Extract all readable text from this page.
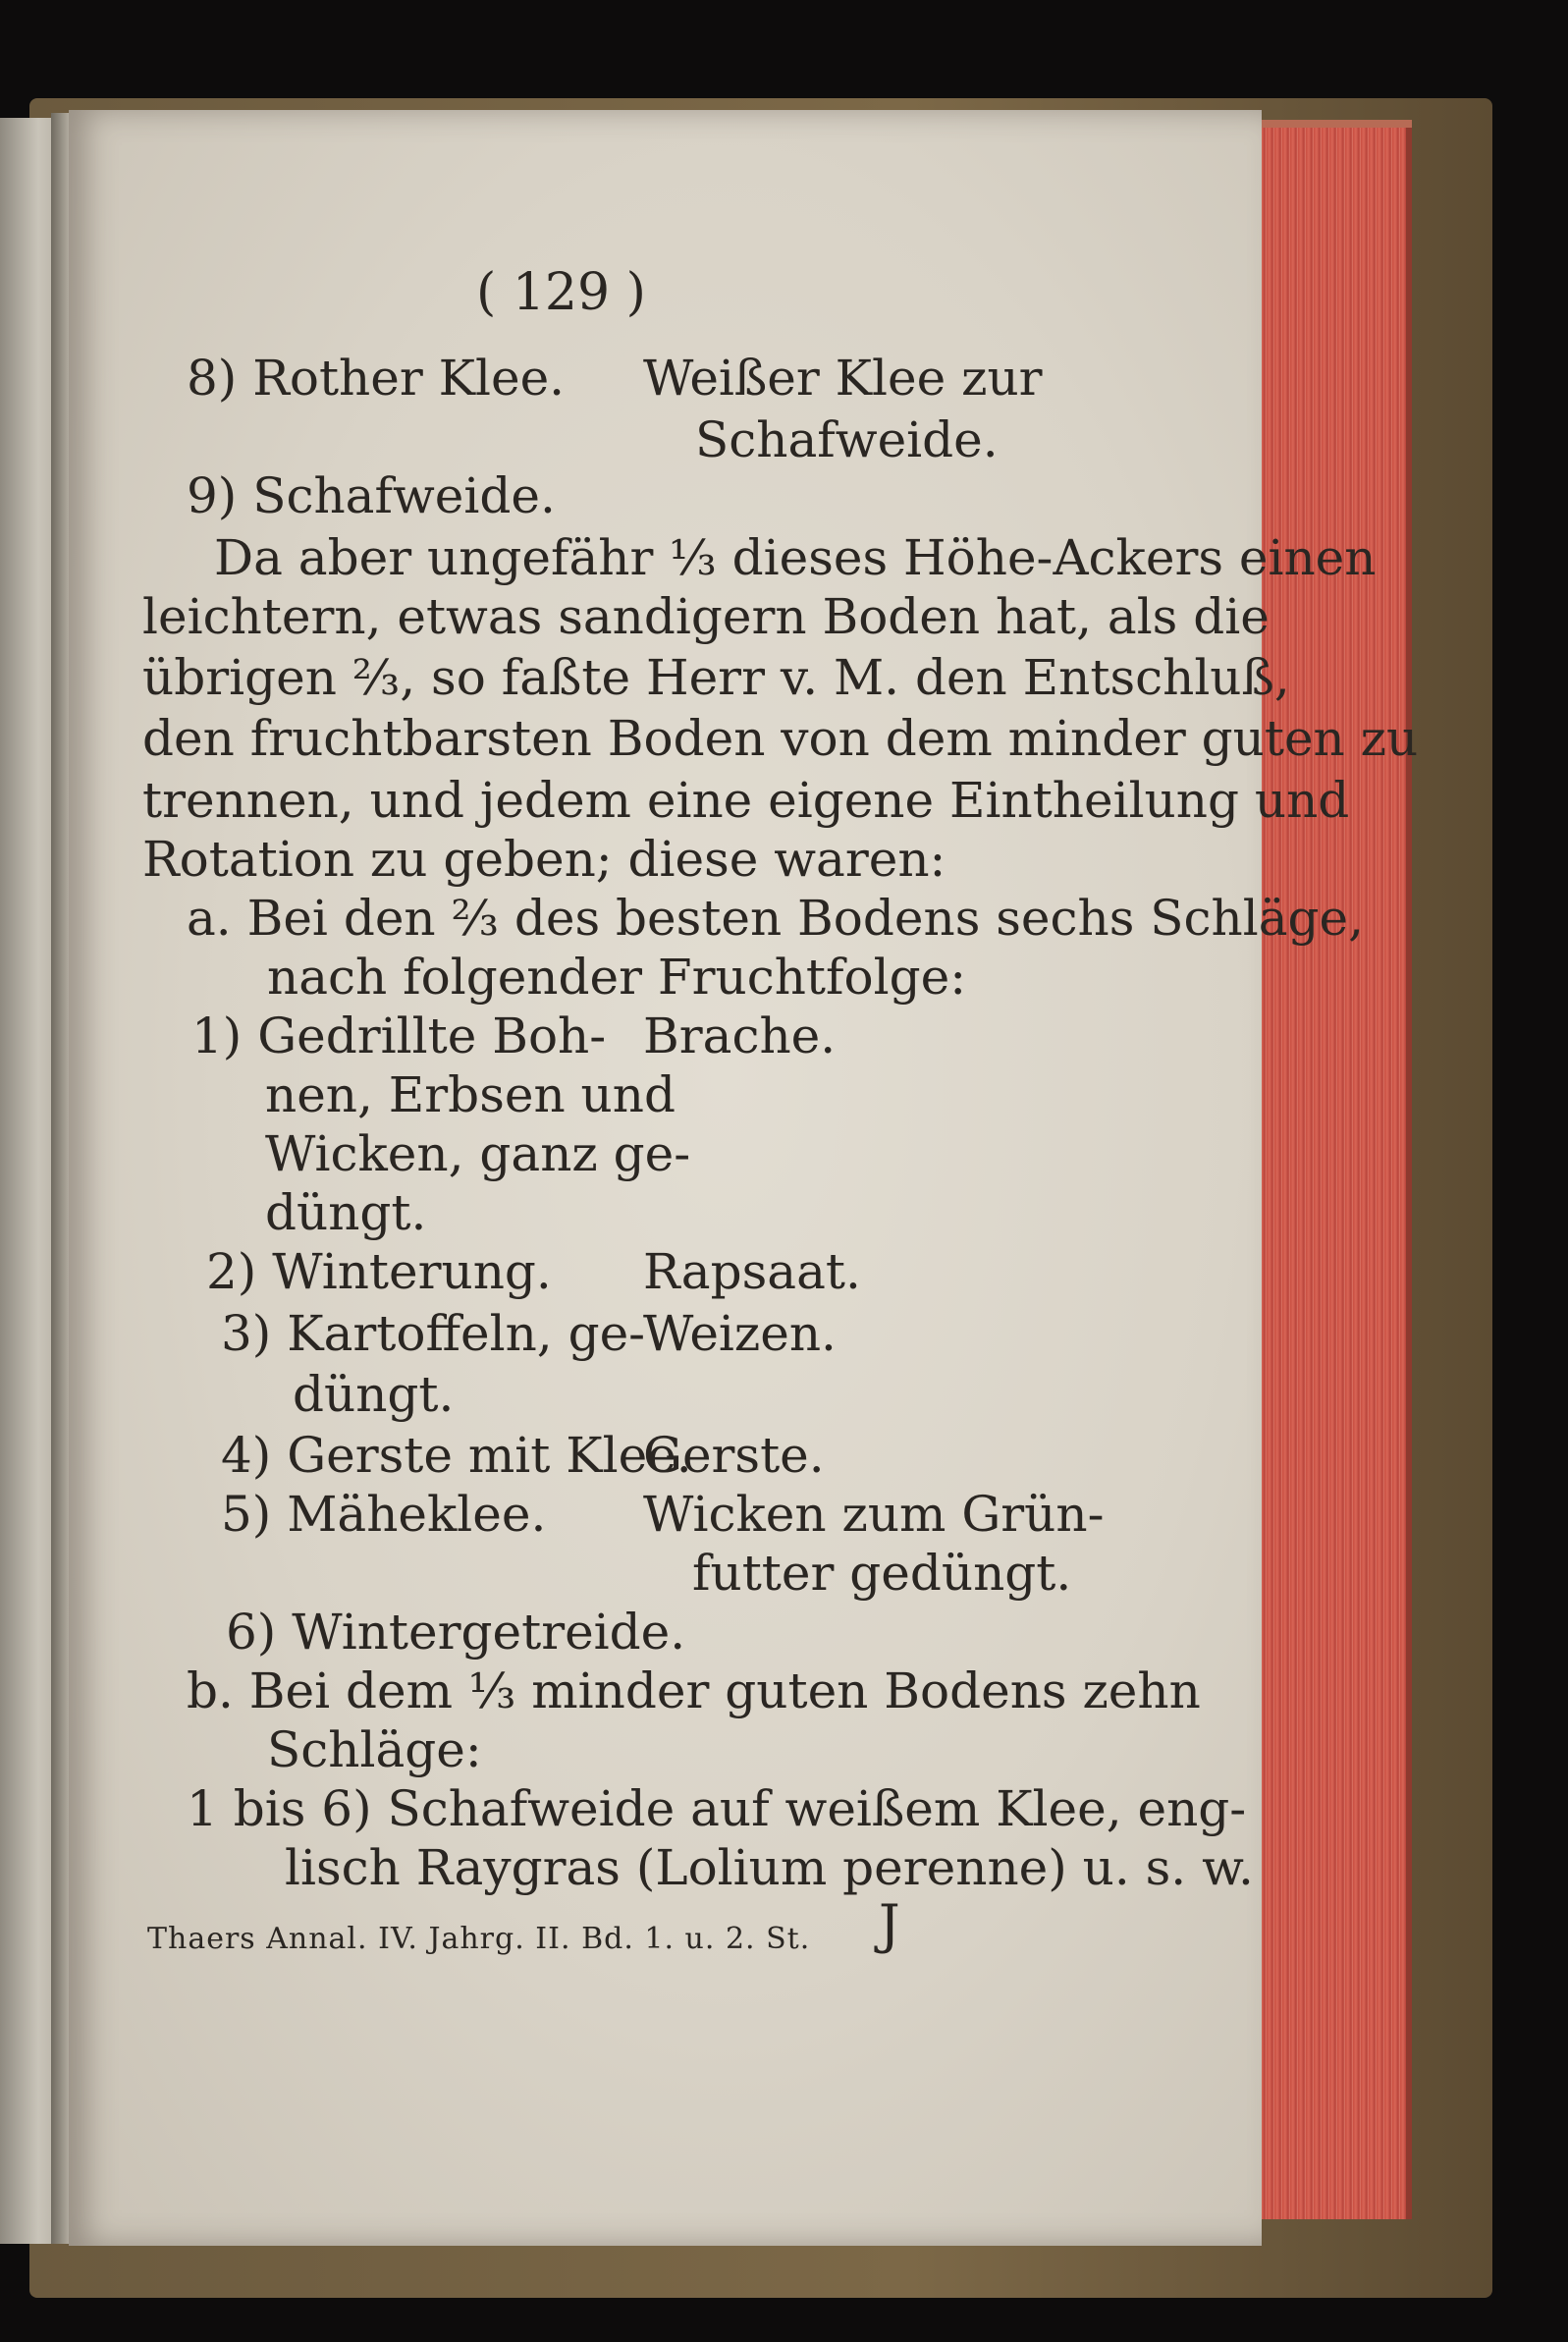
( 129 )
8) Rother Klee. Weißer Klee zur
Schafweide.
9) Schafweide.
Da aber ungefähr ⅓ dieses Höhe-Ackers einen
leichtern, etwas sandigern Boden hat, als die
übrigen ⅔, so faßte Herr v. M. den Entschluß,
den fruchtbarsten Boden von dem minder guten zu
trennen, und jedem eine eigene Eintheilung und
Rotation zu geben; diese waren:
a. Bei den ⅔ des besten Bodens sechs Schläge,
nach folgender Fruchtfolge:
1) Gedrillte Boh- Brache.
nen, Erbsen und
Wicken, ganz ge-
düngt.
2) Winterung. Rapsaat.
3) Kartoffeln, ge-
Weizen.
düngt.
4) Gerste mit Klee.
Gerste.
5) Mäheklee. Wicken zum Grün-
futter gedüngt.
6) Wintergetreide.
b. Bei dem ⅓ minder guten Bodens zehn
Schläge:
1 bis 6) Schafweide auf weißem Klee, eng-
lisch Raygras (Lolium perenne) u. s. w.
Thaers Annal. IV. Jahrg. II. Bd. 1. u. 2. St. J
